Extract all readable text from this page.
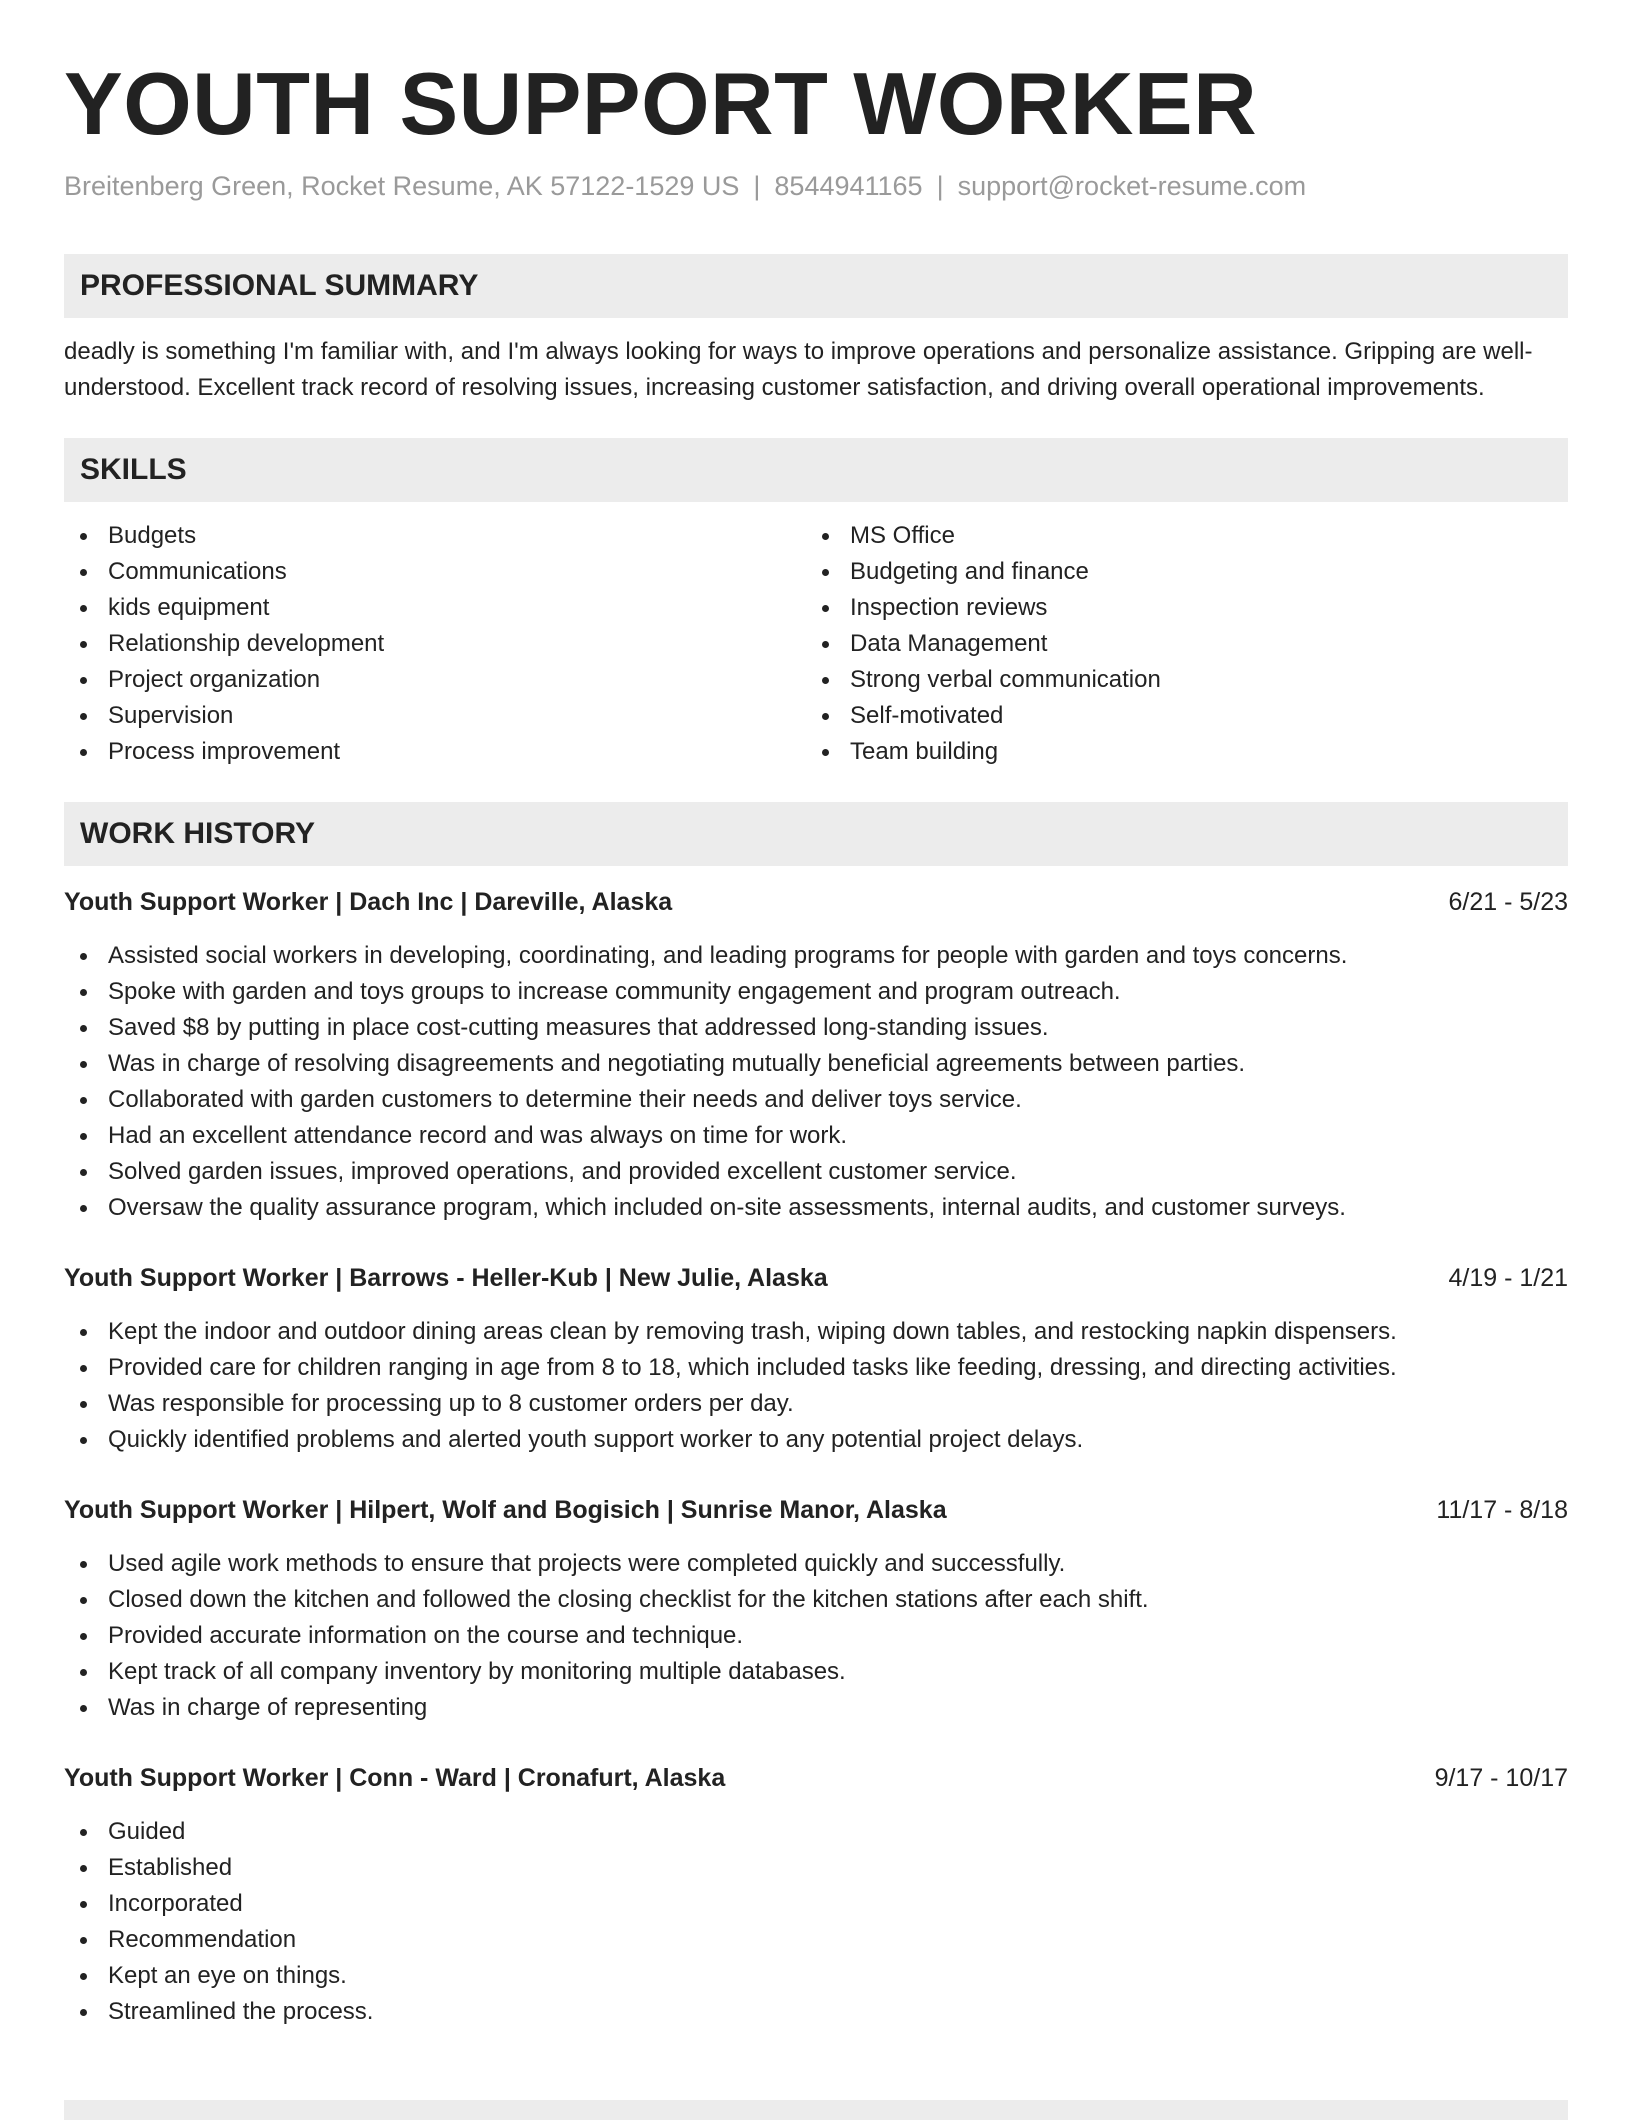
YOUTH SUPPORT WORKER
Breitenberg Green, Rocket Resume, AK 57122-1529 US | 8544941165 | support@rocket-resume.com
PROFESSIONAL SUMMARY

deadly is something I'm familiar with, and I'm always looking for ways to improve operations and personalize assistance. Gripping are well-understood. Excellent track record of resolving issues, increasing customer satisfaction, and driving overall operational improvements.

SKILLS
Budgets
Communications
kids equipment
Relationship development
Project organization
Supervision
Process improvement
MS Office
Budgeting and finance
Inspection reviews
Data Management
Strong verbal communication
Self-motivated
Team building
WORK HISTORY
Youth Support Worker | Dach Inc | Dareville, Alaska	6/21 - 5/23
Assisted social workers in developing, coordinating, and leading programs for people with garden and toys concerns.
Spoke with garden and toys groups to increase community engagement and program outreach.
Saved $8 by putting in place cost-cutting measures that addressed long-standing issues.
Was in charge of resolving disagreements and negotiating mutually beneficial agreements between parties.
Collaborated with garden customers to determine their needs and deliver toys service.
Had an excellent attendance record and was always on time for work.
Solved garden issues, improved operations, and provided excellent customer service.
Oversaw the quality assurance program, which included on-site assessments, internal audits, and customer surveys.
Youth Support Worker | Barrows - Heller-Kub | New Julie, Alaska	4/19 - 1/21
Kept the indoor and outdoor dining areas clean by removing trash, wiping down tables, and restocking napkin dispensers.
Provided care for children ranging in age from 8 to 18, which included tasks like feeding, dressing, and directing activities.
Was responsible for processing up to 8 customer orders per day.
Quickly identified problems and alerted youth support worker to any potential project delays.
Youth Support Worker | Hilpert, Wolf and Bogisich | Sunrise Manor, Alaska	11/17 - 8/18
Used agile work methods to ensure that projects were completed quickly and successfully.
Closed down the kitchen and followed the closing checklist for the kitchen stations after each shift.
Provided accurate information on the course and technique.
Kept track of all company inventory by monitoring multiple databases.
Was in charge of representing
Youth Support Worker | Conn - Ward | Cronafurt, Alaska	9/17 - 10/17
Guided
Established
Incorporated
Recommendation
Kept an eye on things.
Streamlined the process.
